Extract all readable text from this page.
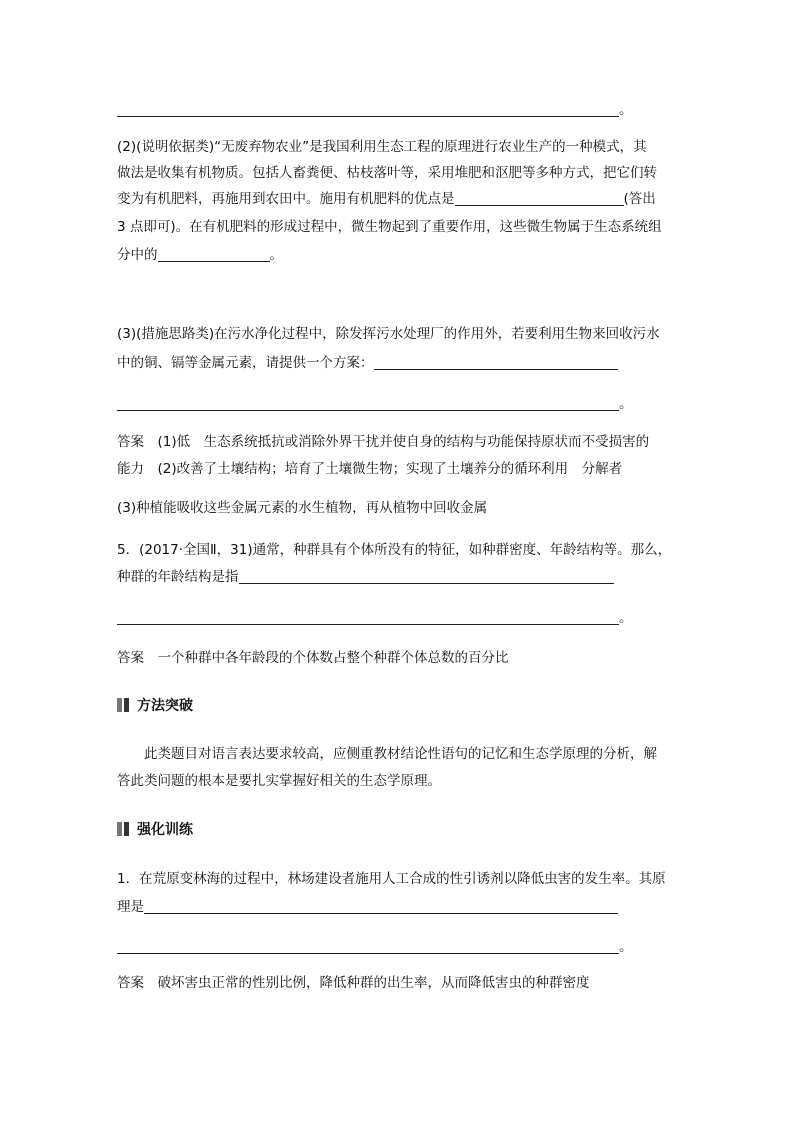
。
(2)(说明依据类)“无废弃物农业”是我国利用生态工程的原理进行农业生产的一种模式，其
做法是收集有机物质。包括人畜粪便、枯枝落叶等，采用堆肥和沤肥等多种方式，把它们转
变为有机肥料，再施用到农田中。施用有机肥料的优点是	(答出
3 点即可)。在有机肥料的形成过程中，微生物起到了重要作用，这些微生物属于生态系统组
分中的	。
(3)(措施思路类)在污水净化过程中，除发挥污水处理厂的作用外，若要利用生物来回收污水
中的铜、镉等金属元素，请提供一个方案：
。
答案　(1)低　生态系统抵抗或消除外界干扰并使自身的结构与功能保持原状而不受损害的
能力　(2)改善了土壤结构；培育了土壤微生物；实现了土壤养分的循环利用　分解者
(3)种植能吸收这些金属元素的水生植物，再从植物中回收金属
5．(2017·全国Ⅱ，31)通常，种群具有个体所没有的特征，如种群密度、年龄结构等。那么，
种群的年龄结构是指
。
答案　一个种群中各年龄段的个体数占整个种群个体总数的百分比
方法突破
此类题目对语言表达要求较高，应侧重教材结论性语句的记忆和生态学原理的分析，解
答此类问题的根本是要扎实掌握好相关的生态学原理。
强化训练
1．在荒原变林海的过程中，林场建设者施用人工合成的性引诱剂以降低虫害的发生率。其原
理是
。
答案　破坏害虫正常的性别比例，降低种群的出生率，从而降低害虫的种群密度
